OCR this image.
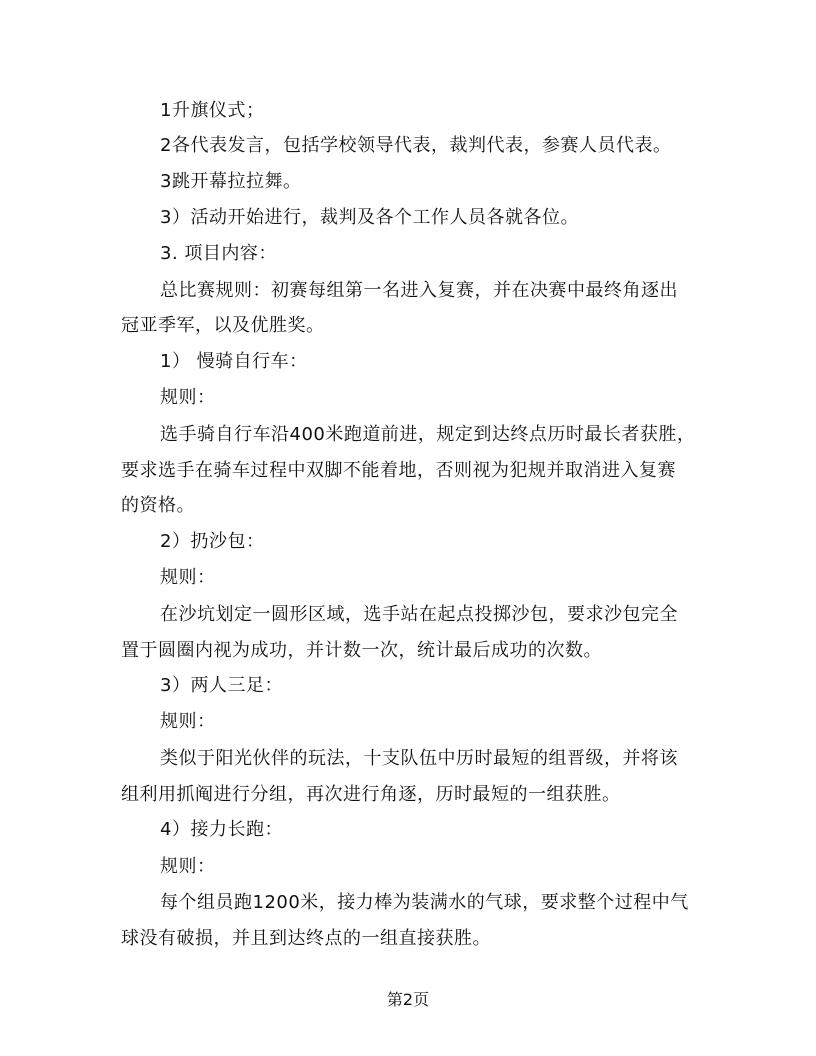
1升旗仪式；
2各代表发言，包括学校领导代表，裁判代表，参赛人员代表。
3跳开幕拉拉舞。
3）活动开始进行，裁判及各个工作人员各就各位。
3. 项目内容：
总比赛规则：初赛每组第一名进入复赛，并在决赛中最终角逐出
冠亚季军，以及优胜奖。
1） 慢骑自行车：
规则：
选手骑自行车沿400米跑道前进，规定到达终点历时最长者获胜，
要求选手在骑车过程中双脚不能着地，否则视为犯规并取消进入复赛
的资格。
2）扔沙包：
规则：
在沙坑划定一圆形区域，选手站在起点投掷沙包，要求沙包完全
置于圆圈内视为成功，并计数一次，统计最后成功的次数。
3）两人三足：
规则：
类似于阳光伙伴的玩法，十支队伍中历时最短的组晋级，并将该
组利用抓阄进行分组，再次进行角逐，历时最短的一组获胜。
4）接力长跑：
规则：
每个组员跑1200米，接力棒为装满水的气球，要求整个过程中气
球没有破损，并且到达终点的一组直接获胜。
第2页
